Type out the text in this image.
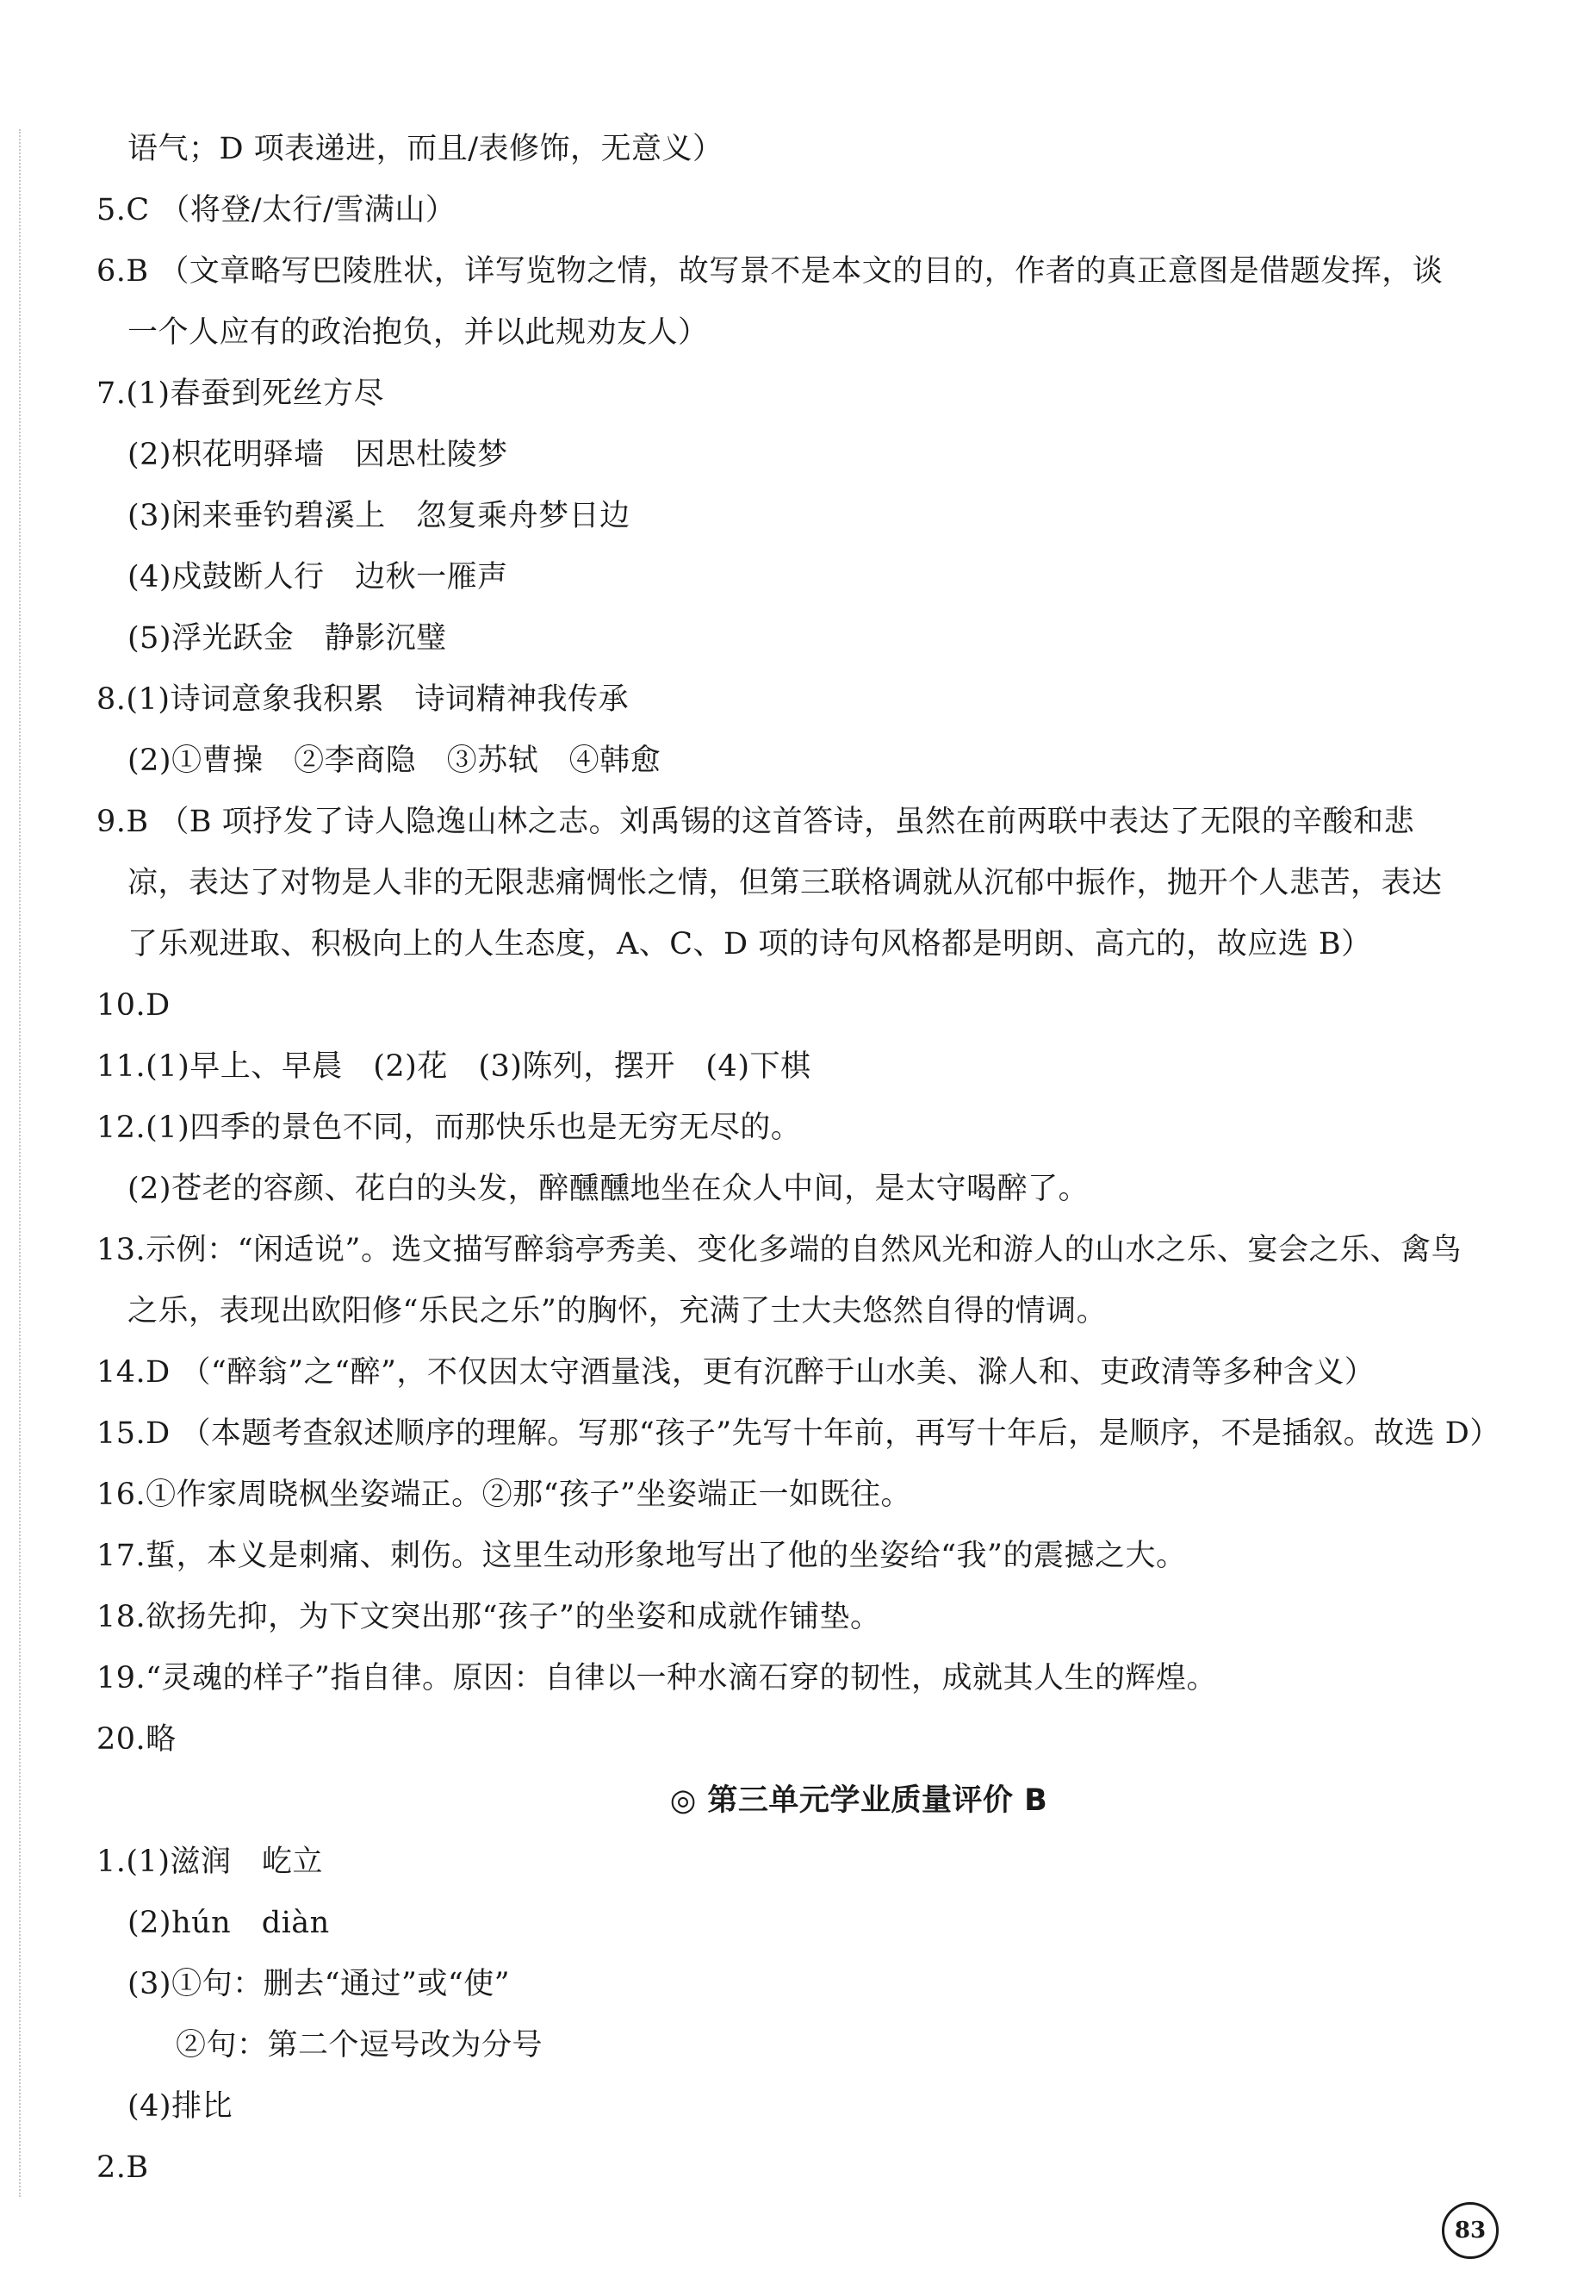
语气；D 项表递进，而且/表修饰，无意义）
5.C （将登/太行/雪满山）
6.B （文章略写巴陵胜状，详写览物之情，故写景不是本文的目的，作者的真正意图是借题发挥，谈
一个人应有的政治抱负，并以此规劝友人）
7.(1)春蚕到死丝方尽
(2)枳花明驿墙　因思杜陵梦
(3)闲来垂钓碧溪上　忽复乘舟梦日边
(4)戍鼓断人行　边秋一雁声
(5)浮光跃金　静影沉璧
8.(1)诗词意象我积累　诗词精神我传承
(2)①曹操　②李商隐　③苏轼　④韩愈
9.B （B 项抒发了诗人隐逸山林之志。刘禹锡的这首答诗，虽然在前两联中表达了无限的辛酸和悲
凉，表达了对物是人非的无限悲痛惆怅之情，但第三联格调就从沉郁中振作，抛开个人悲苦，表达
了乐观进取、积极向上的人生态度，A、C、D 项的诗句风格都是明朗、高亢的，故应选 B）
10.D
11.(1)早上、早晨　(2)花　(3)陈列，摆开　(4)下棋
12.(1)四季的景色不同，而那快乐也是无穷无尽的。
(2)苍老的容颜、花白的头发，醉醺醺地坐在众人中间，是太守喝醉了。
13.示例：“闲适说”。选文描写醉翁亭秀美、变化多端的自然风光和游人的山水之乐、宴会之乐、禽鸟
之乐，表现出欧阳修“乐民之乐”的胸怀，充满了士大夫悠然自得的情调。
14.D （“醉翁”之“醉”，不仅因太守酒量浅，更有沉醉于山水美、滁人和、吏政清等多种含义）
15.D （本题考查叙述顺序的理解。写那“孩子”先写十年前，再写十年后，是顺序，不是插叙。故选 D）
16.①作家周晓枫坐姿端正。②那“孩子”坐姿端正一如既往。
17.蜇，本义是刺痛、刺伤。这里生动形象地写出了他的坐姿给“我”的震撼之大。
18.欲扬先抑，为下文突出那“孩子”的坐姿和成就作铺垫。
19.“灵魂的样子”指自律。原因：自律以一种水滴石穿的韧性，成就其人生的辉煌。
20.略
◎ 第三单元学业质量评价 B
1.(1)滋润　屹立
(2)hún　diàn
(3)①句：删去“通过”或“使”
②句：第二个逗号改为分号
(4)排比
2.B
83
